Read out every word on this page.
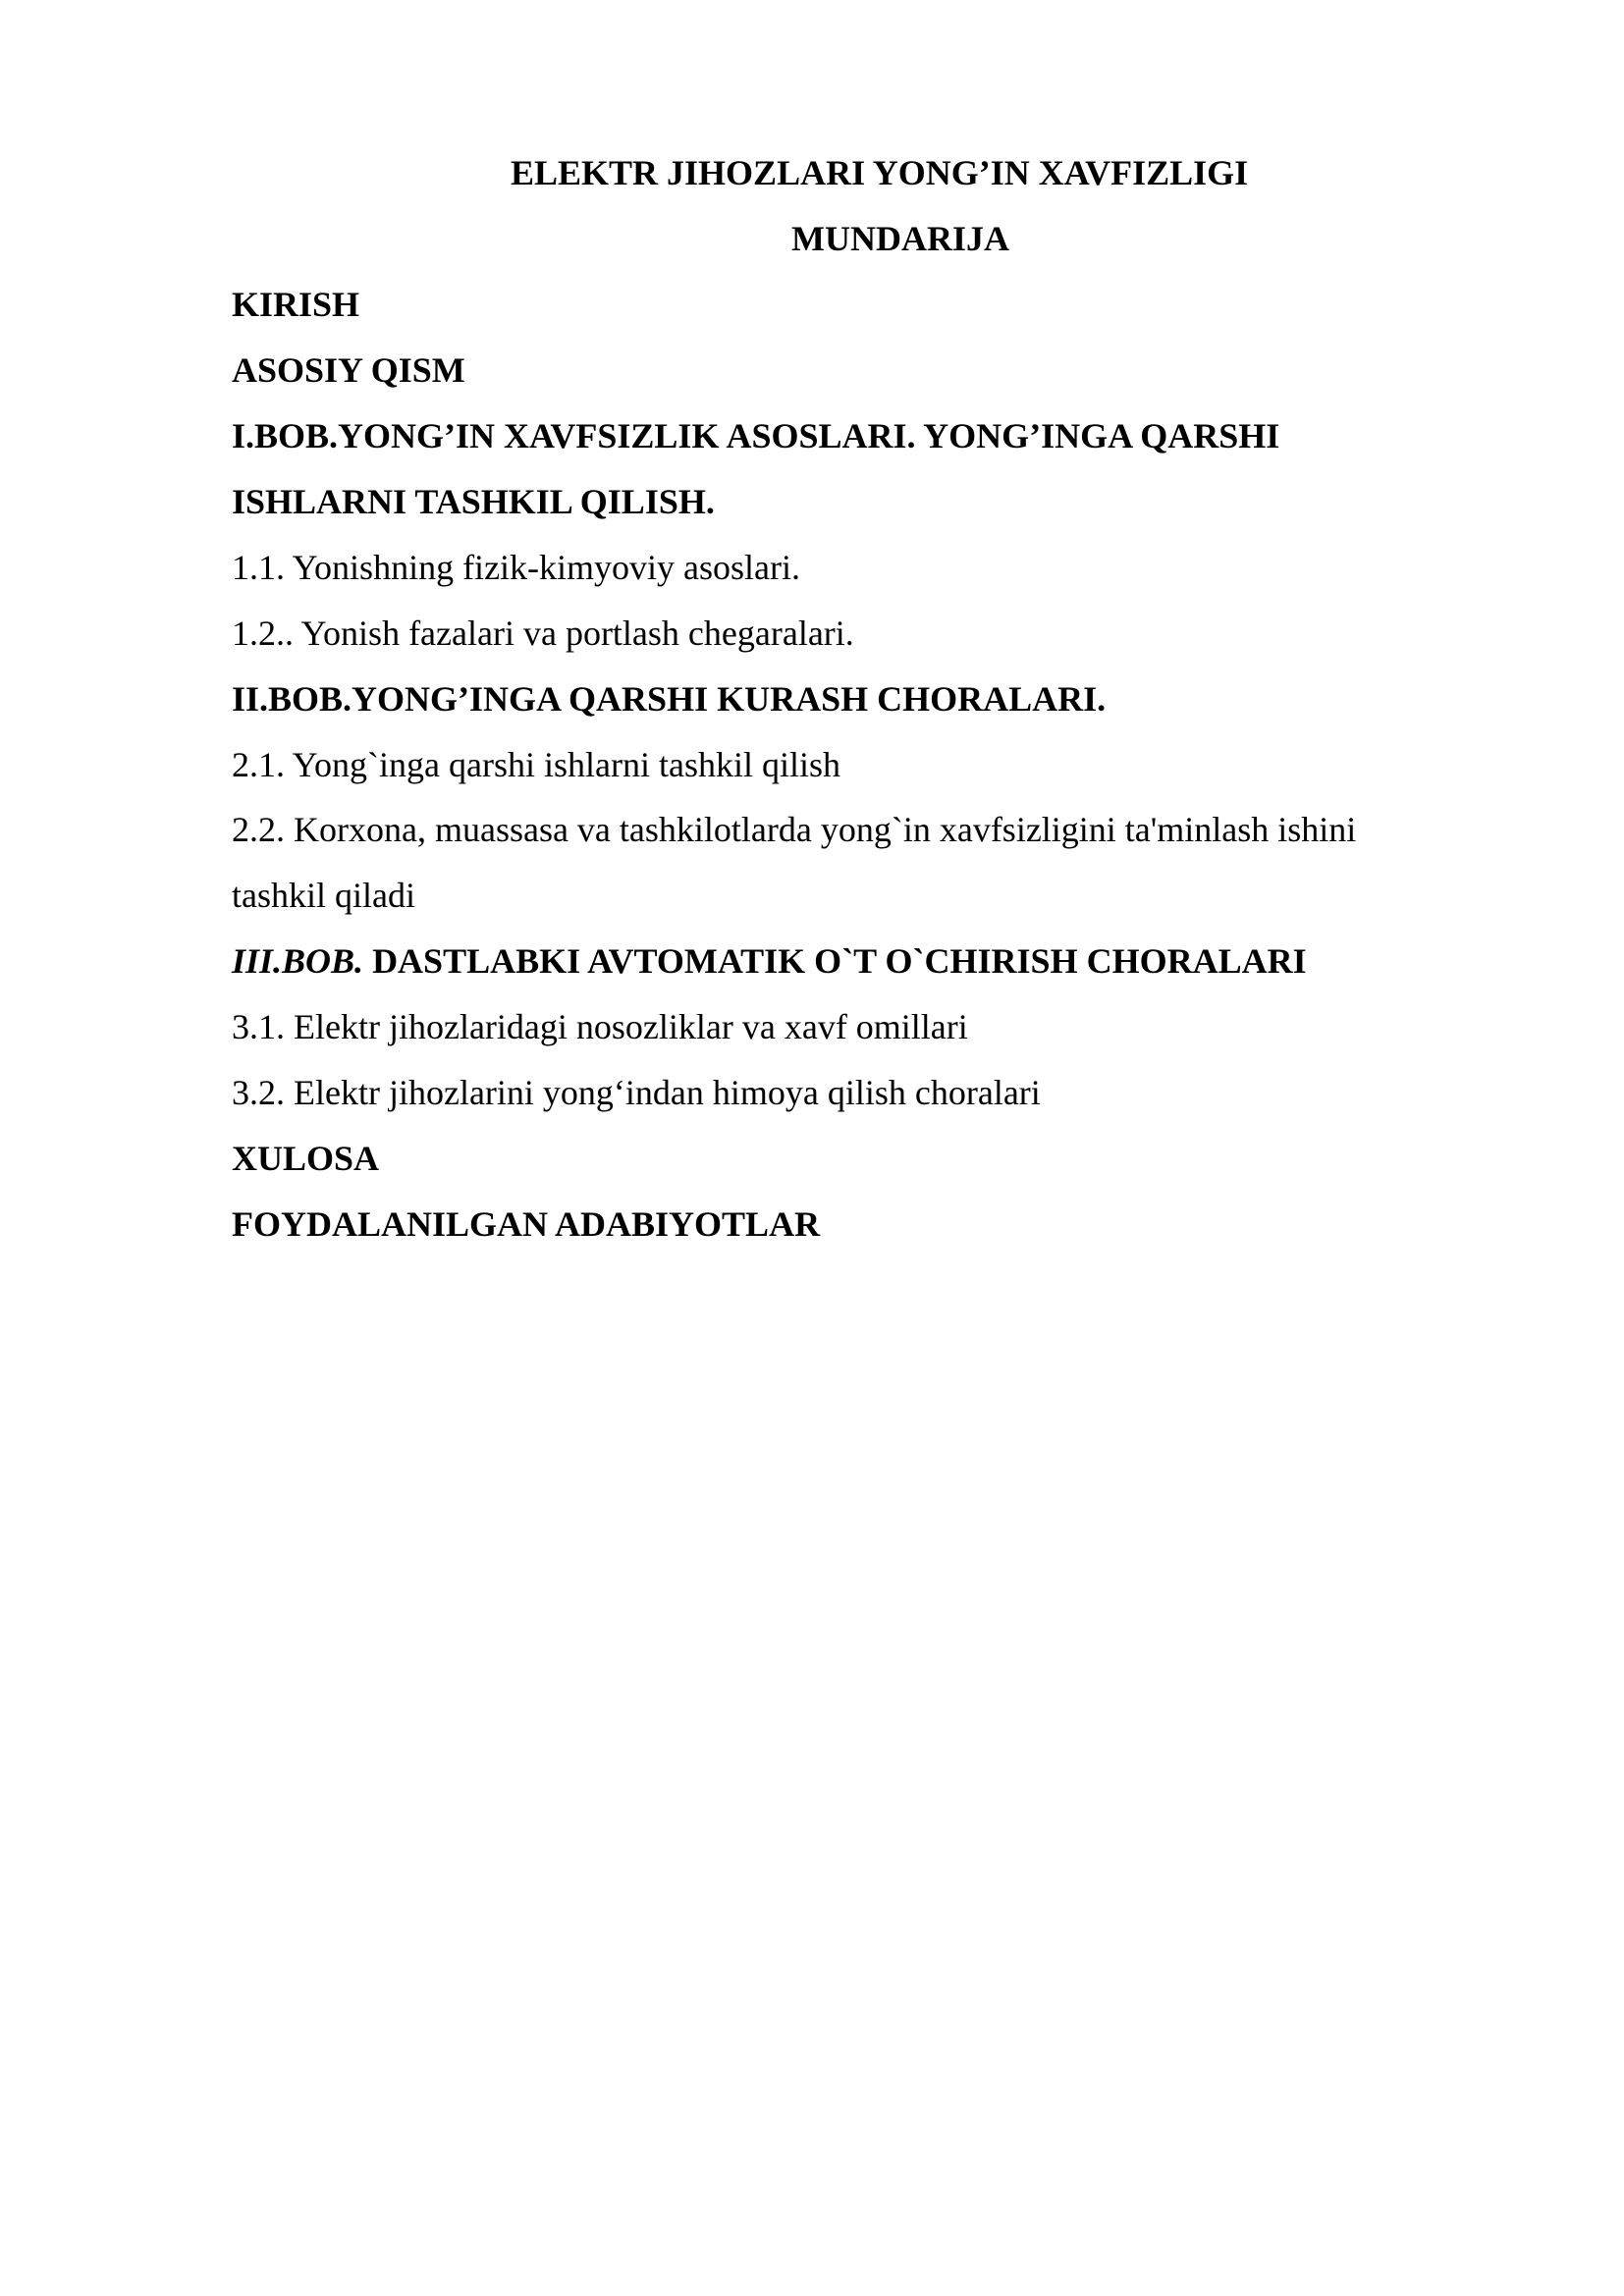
ELEKTR JIHOZLARI YONG’IN XAVFIZLIGI
MUNDARIJA
KIRISH
ASOSIY QISM
I.BOB.YONG’IN XAVFSIZLIK ASOSLARI. YONG’INGA QARSHI
ISHLARNI TASHKIL QILISH.
1.1. Yonishning fizik-kimyoviy asoslari.
1.2.. Yonish fazalari va portlash chegaralari.
II.BOB.YONG’INGA QARSHI KURASH CHORALARI.
2.1. Yong`inga qarshi ishlarni tashkil qilish
2.2. Korxona, muassasa va tashkilotlarda yong`in xavfsizligini ta'minlash ishini tashkil qiladi
III.BOB. DASTLABKI AVTOMATIK O`T O`CHIRISH CHORALARI
3.1. Elektr jihozlaridagi nosozliklar va xavf omillari
3.2. Elektr jihozlarini yong‘indan himoya qilish choralari
XULOSA
FOYDALANILGAN ADABIYOTLAR
